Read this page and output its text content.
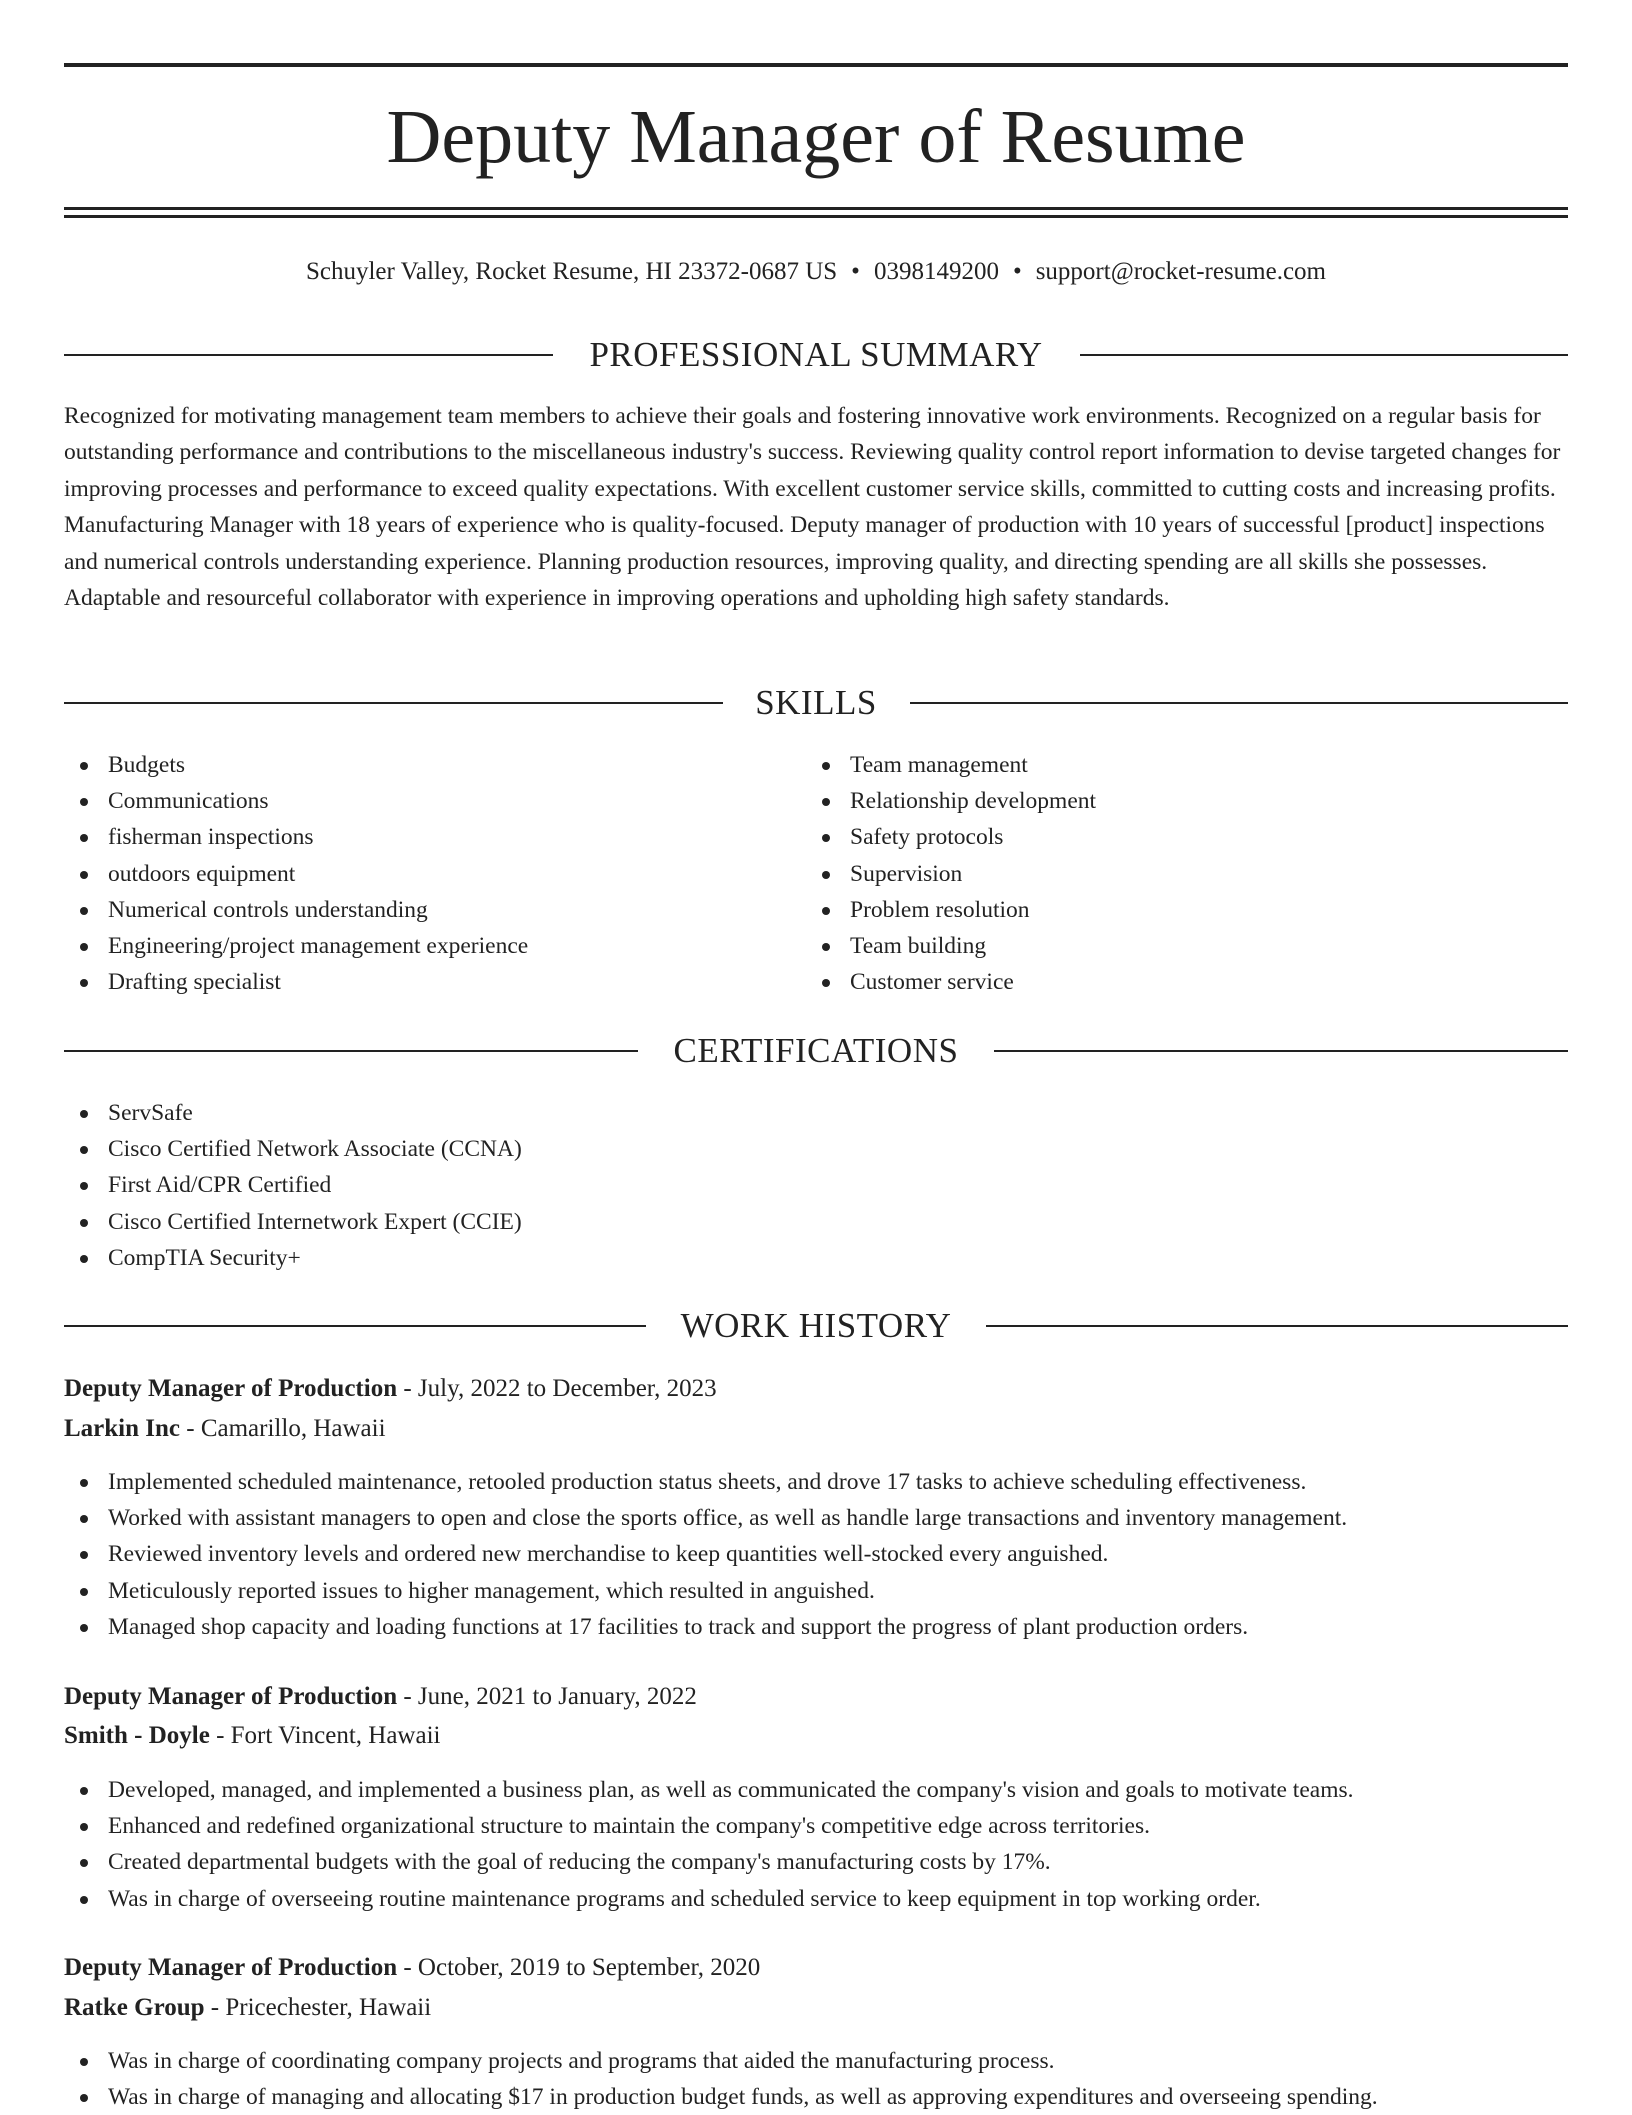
Deputy Manager of Resume
Schuyler Valley, Rocket Resume, HI 23372-0687 US • 0398149200 • support@rocket-resume.com
PROFESSIONAL SUMMARY

Recognized for motivating management team members to achieve their goals and fostering innovative work environments. Recognized on a regular basis for outstanding performance and contributions to the miscellaneous industry's success. Reviewing quality control report information to devise targeted changes for improving processes and performance to exceed quality expectations. With excellent customer service skills, committed to cutting costs and increasing profits. Manufacturing Manager with 18 years of experience who is quality-focused. Deputy manager of production with 10 years of successful [product] inspections and numerical controls understanding experience. Planning production resources, improving quality, and directing spending are all skills she possesses. Adaptable and resourceful collaborator with experience in improving operations and upholding high safety standards.

SKILLS
Budgets
Communications
fisherman inspections
outdoors equipment
Numerical controls understanding
Engineering/project management experience
Drafting specialist
Team management
Relationship development
Safety protocols
Supervision
Problem resolution
Team building
Customer service
CERTIFICATIONS
ServSafe
Cisco Certified Network Associate (CCNA)
First Aid/CPR Certified
Cisco Certified Internetwork Expert (CCIE)
CompTIA Security+
WORK HISTORY
Deputy Manager of Production - July, 2022 to December, 2023
Larkin Inc - Camarillo, Hawaii
Implemented scheduled maintenance, retooled production status sheets, and drove 17 tasks to achieve scheduling effectiveness.
Worked with assistant managers to open and close the sports office, as well as handle large transactions and inventory management.
Reviewed inventory levels and ordered new merchandise to keep quantities well-stocked every anguished.
Meticulously reported issues to higher management, which resulted in anguished.
Managed shop capacity and loading functions at 17 facilities to track and support the progress of plant production orders.
Deputy Manager of Production - June, 2021 to January, 2022
Smith - Doyle - Fort Vincent, Hawaii
Developed, managed, and implemented a business plan, as well as communicated the company's vision and goals to motivate teams.
Enhanced and redefined organizational structure to maintain the company's competitive edge across territories.
Created departmental budgets with the goal of reducing the company's manufacturing costs by 17%.
Was in charge of overseeing routine maintenance programs and scheduled service to keep equipment in top working order.
Deputy Manager of Production - October, 2019 to September, 2020
Ratke Group - Pricechester, Hawaii
Was in charge of coordinating company projects and programs that aided the manufacturing process.
Was in charge of managing and allocating $17 in production budget funds, as well as approving expenditures and overseeing spending.
